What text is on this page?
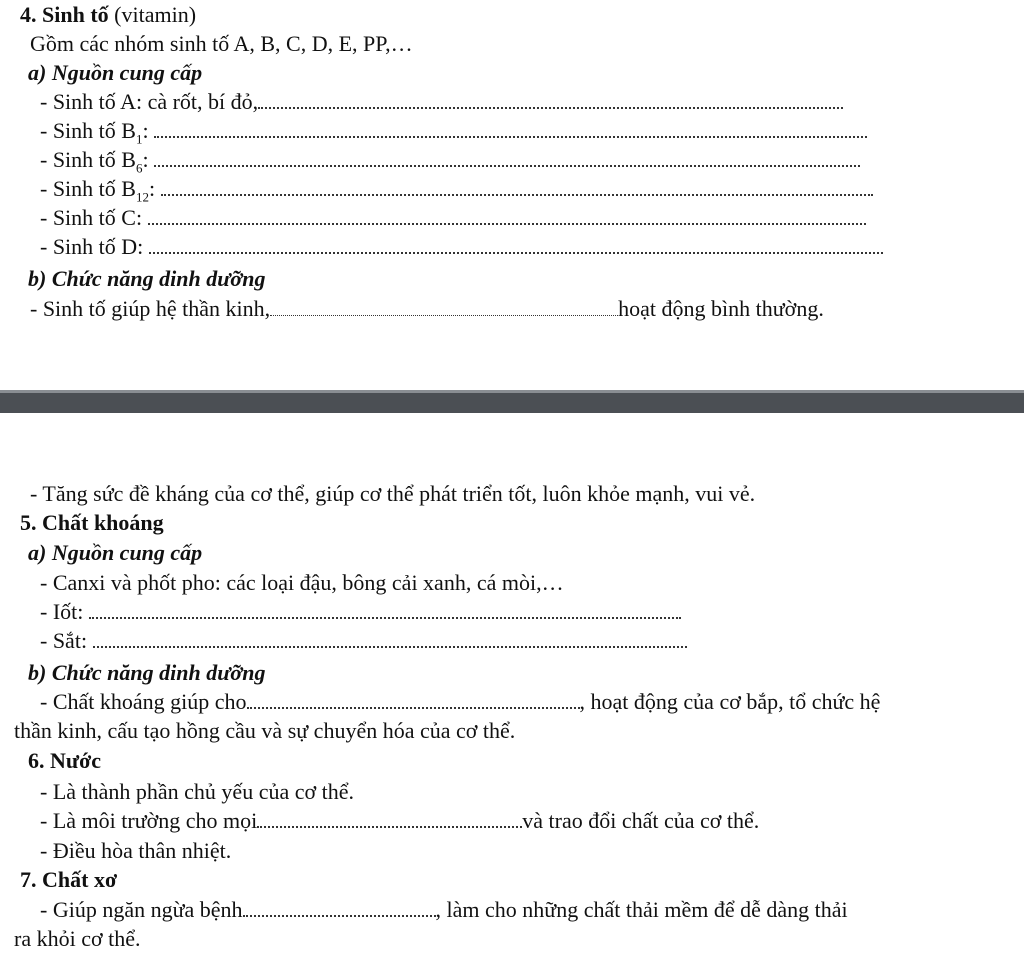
4. Sinh tố (vitamin)
Gồm các nhóm sinh tố A, B, C, D, E, PP,…
a) Nguồn cung cấp
- Sinh tố A: cà rốt, bí đỏ,
- Sinh tố $B_1$:
- Sinh tố $B_6$:
- Sinh tố $B_{12}$:
- Sinh tố C:
- Sinh tố D:
b) Chức năng dinh dưỡng
- Sinh tố giúp hệ thần kinh,	hoạt động bình thường.
- Tăng sức đề kháng của cơ thể, giúp cơ thể phát triển tốt, luôn khỏe mạnh, vui vẻ.
5. Chất khoáng
a) Nguồn cung cấp
- Canxi và phốt pho: các loại đậu, bông cải xanh, cá mòi,…
- Iốt:
- Sắt:
b) Chức năng dinh dưỡng
- Chất khoáng giúp cho	, hoạt động của cơ bắp, tổ chức hệ
thần kinh, cấu tạo hồng cầu và sự chuyển hóa của cơ thể.
6. Nước
- Là thành phần chủ yếu của cơ thể.
- Là môi trường cho mọi	và trao đổi chất của cơ thể.
- Điều hòa thân nhiệt.
7. Chất xơ
- Giúp ngăn ngừa bệnh	, làm cho những chất thải mềm để dễ dàng thải
ra khỏi cơ thể.
